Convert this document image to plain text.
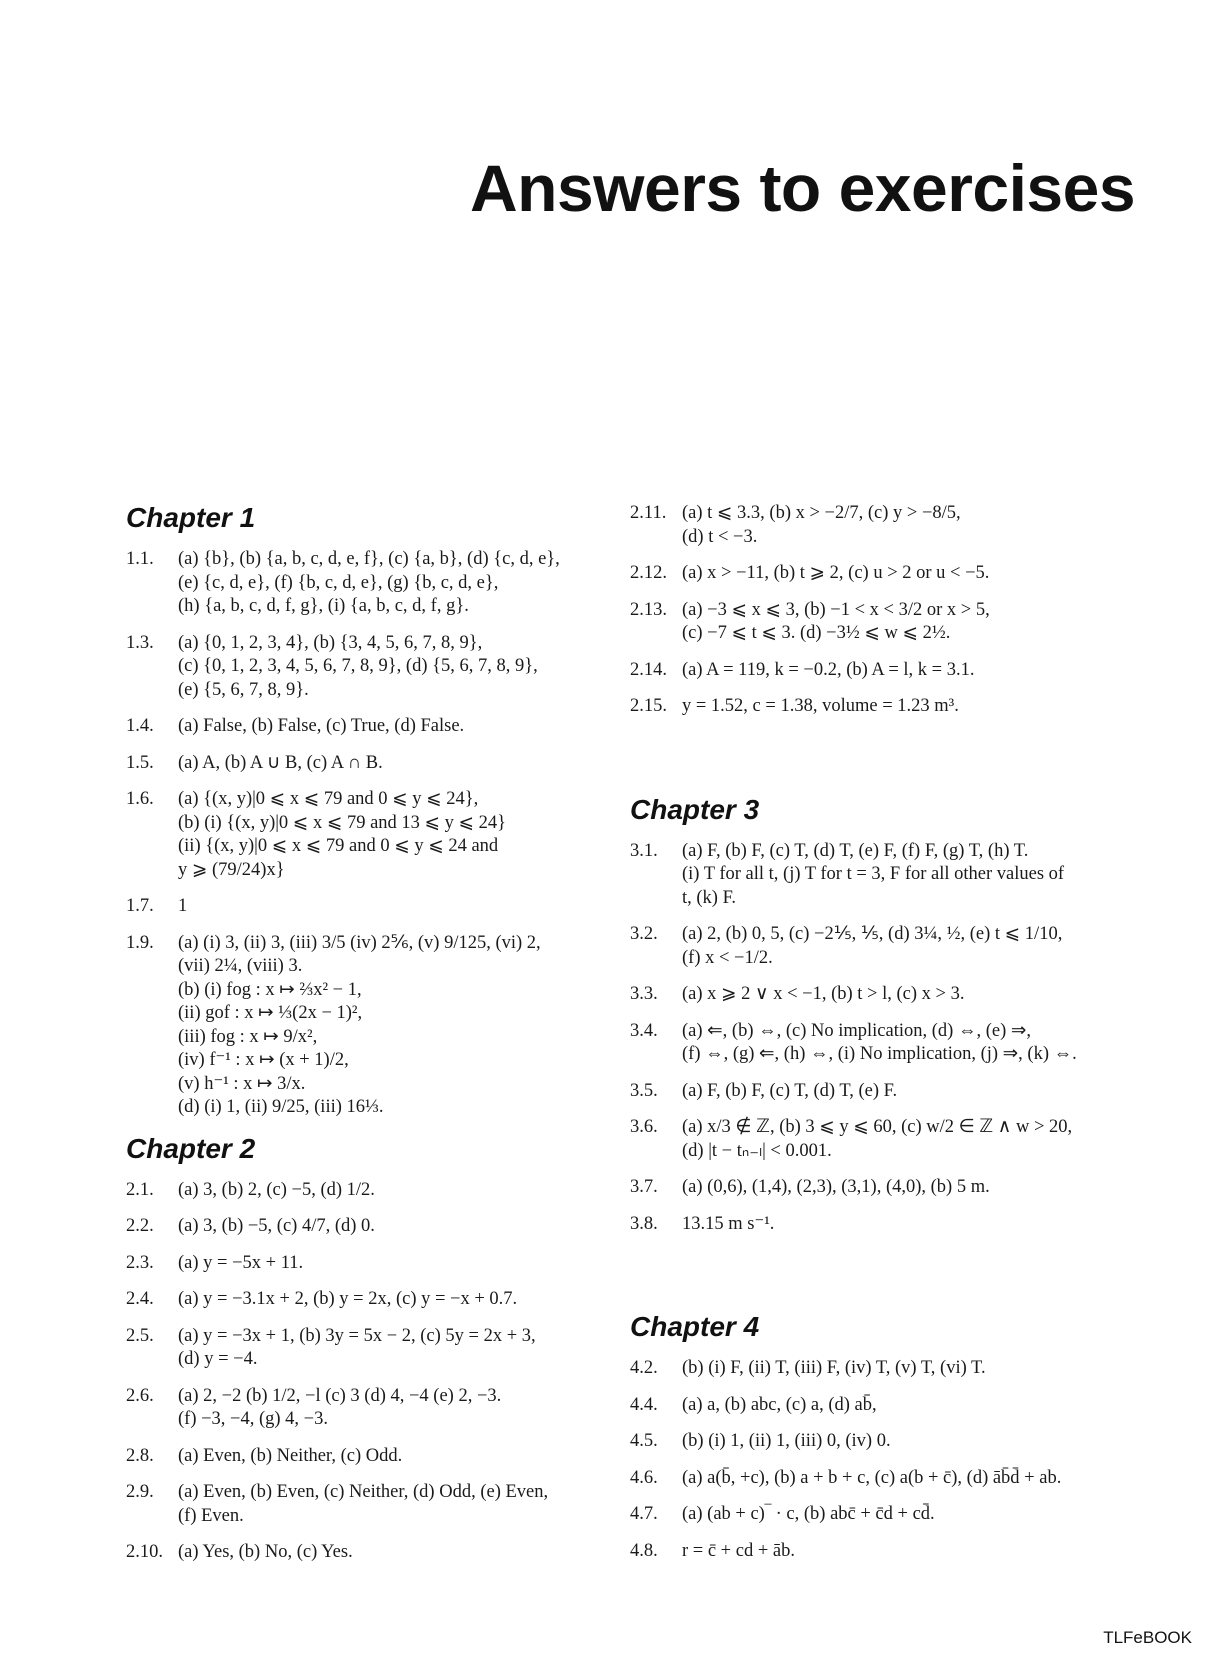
Answers to exercises
Chapter 1
1.1.	(a) {b}, (b) {a, b, c, d, e, f}, (c) {a, b}, (d) {c, d, e},
(e) {c, d, e}, (f) {b, c, d, e}, (g) {b, c, d, e},
(h) {a, b, c, d, f, g}, (i) {a, b, c, d, f, g}.
1.3.	(a) {0, 1, 2, 3, 4}, (b) {3, 4, 5, 6, 7, 8, 9},
(c) {0, 1, 2, 3, 4, 5, 6, 7, 8, 9}, (d) {5, 6, 7, 8, 9},
(e) {5, 6, 7, 8, 9}.
1.4.	(a) False, (b) False, (c) True, (d) False.
1.5.	(a) A, (b) A ∪ B, (c) A ∩ B.
1.6.	(a) {(x, y)|0 ⩽ x ⩽ 79 and 0 ⩽ y ⩽ 24},
(b) (i) {(x, y)|0 ⩽ x ⩽ 79 and 13 ⩽ y ⩽ 24}
(ii) {(x, y)|0 ⩽ x ⩽ 79 and 0 ⩽ y ⩽ 24 and
y ⩾ (79/24)x}
1.7.	1
1.9.	(a) (i) 3, (ii) 3, (iii) 3/5 (iv) 2⅚, (v) 9/125, (vi) 2,
(vii) 2¼, (viii) 3.
(b) (i) fog : x ↦ ⅔x² − 1,
(ii) gof : x ↦ ⅓(2x − 1)²,
(iii) fog : x ↦ 9/x²,
(iv) f⁻¹ : x ↦ (x + 1)/2,
(v) h⁻¹ : x ↦ 3/x.
(d) (i) 1, (ii) 9/25, (iii) 16⅓.
Chapter 2
2.1.	(a) 3, (b) 2, (c) −5, (d) 1/2.
2.2.	(a) 3, (b) −5, (c) 4/7, (d) 0.
2.3.	(a) y = −5x + 11.
2.4.	(a) y = −3.1x + 2, (b) y = 2x, (c) y = −x + 0.7.
2.5.	(a) y = −3x + 1, (b) 3y = 5x − 2, (c) 5y = 2x + 3,
(d) y = −4.
2.6.	(a) 2, −2 (b) 1/2, −l (c) 3 (d) 4, −4 (e) 2, −3.
(f) −3, −4, (g) 4, −3.
2.8.	(a) Even, (b) Neither, (c) Odd.
2.9.	(a) Even, (b) Even, (c) Neither, (d) Odd, (e) Even,
(f) Even.
2.10. (a) Yes, (b) No, (c) Yes.
2.11. (a) t ⩽ 3.3, (b) x > −2/7, (c) y > −8/5,
(d) t < −3.
2.12. (a) x > −11, (b) t ⩾ 2, (c) u > 2 or u < −5.
2.13. (a) −3 ⩽ x ⩽ 3, (b) −1 < x < 3/2 or x > 5,
(c) −7 ⩽ t ⩽ 3. (d) −3½ ⩽ w ⩽ 2½.
2.14. (a) A = 119, k = −0.2, (b) A = l, k = 3.1.
2.15. y = 1.52, c = 1.38, volume = 1.23 m³.
Chapter 3
3.1.	(a) F, (b) F, (c) T, (d) T, (e) F, (f) F, (g) T, (h) T.
(i) T for all t, (j) T for t = 3, F for all other values of
t, (k) F.
3.2.	(a) 2, (b) 0, 5, (c) −2⅕, ⅕, (d) 3¼, ½, (e) t ⩽ 1/10,
(f) x < −1/2.
3.3.	(a) x ⩾ 2 ∨ x < −1, (b) t > l, (c) x > 3.
3.4.	(a) ⇐, (b) ⇔, (c) No implication, (d) ⇔, (e) ⇒,
(f) ⇔, (g) ⇐, (h) ⇔, (i) No implication, (j) ⇒, (k) ⇔.
3.5.	(a) F, (b) F, (c) T, (d) T, (e) F.
3.6.	(a) x/3 ∉ ℤ, (b) 3 ⩽ y ⩽ 60, (c) w/2 ∈ ℤ ∧ w > 20,
(d) |t − tₙ₋ₗ| < 0.001.
3.7.	(a) (0,6), (1,4), (2,3), (3,1), (4,0), (b) 5 m.
3.8.	13.15 m s⁻¹.
Chapter 4
4.2.	(b) (i) F, (ii) T, (iii) F, (iv) T, (v) T, (vi) T.
4.4.	(a) a, (b) abc, (c) a, (d) ab̄,
4.5.	(b) (i) 1, (ii) 1, (iii) 0, (iv) 0.
4.6.	(a) a(b̄, +c), (b) a + b + c, (c) a(b + c̄), (d) āb̄d̄ + ab.
4.7.	(a) (ab + c)‾ · c, (b) abc̄ + c̄d + cd̄.
4.8.	r = c̄ + cd + āb.
TLFeBOOK
